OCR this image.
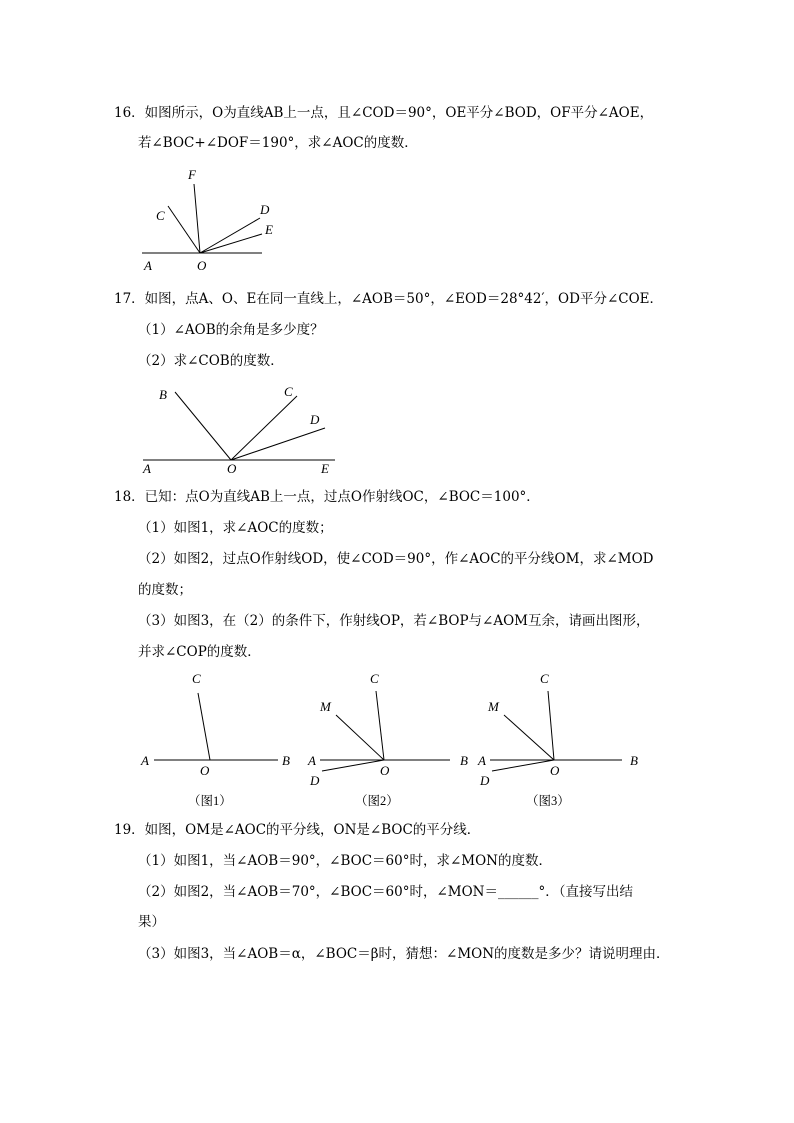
16．如图所示，O为直线AB上一点，且∠COD＝90°，OE平分∠BOD，OF平分∠AOE，
若∠BOC+∠DOF＝190°，求∠AOC的度数．
A	O
C
F
D
E
17．如图，点A、O、E在同一直线上，∠AOB＝50°，∠EOD＝28°42′，OD平分∠COE．
（1）∠AOB的余角是多少度？
（2）求∠COB的度数．
A	O	E
B	C
D
18．已知：点O为直线AB上一点，过点O作射线OC，∠BOC＝100°．
（1）如图1，求∠AOC的度数；
（2）如图2，过点O作射线OD，使∠COD＝90°，作∠AOC的平分线OM，求∠MOD
的度数；
（3）如图3，在（2）的条件下，作射线OP，若∠BOP与∠AOM互余，请画出图形，
并求∠COP的度数．
A
O
B
C
（图1）
A
O
B
C
M
D
（图2）
A
O
B
C
M
D
（图3）
19．如图，OM是∠AOC的平分线，ON是∠BOC的平分线．
（1）如图1，当∠AOB＝90°，∠BOC＝60°时，求∠MON的度数．
（2）如图2，当∠AOB＝70°，∠BOC＝60°时，∠MON＝______°．（直接写出结
果）
（3）如图3，当∠AOB＝α，∠BOC＝β时，猜想：∠MON的度数是多少？请说明理由．
